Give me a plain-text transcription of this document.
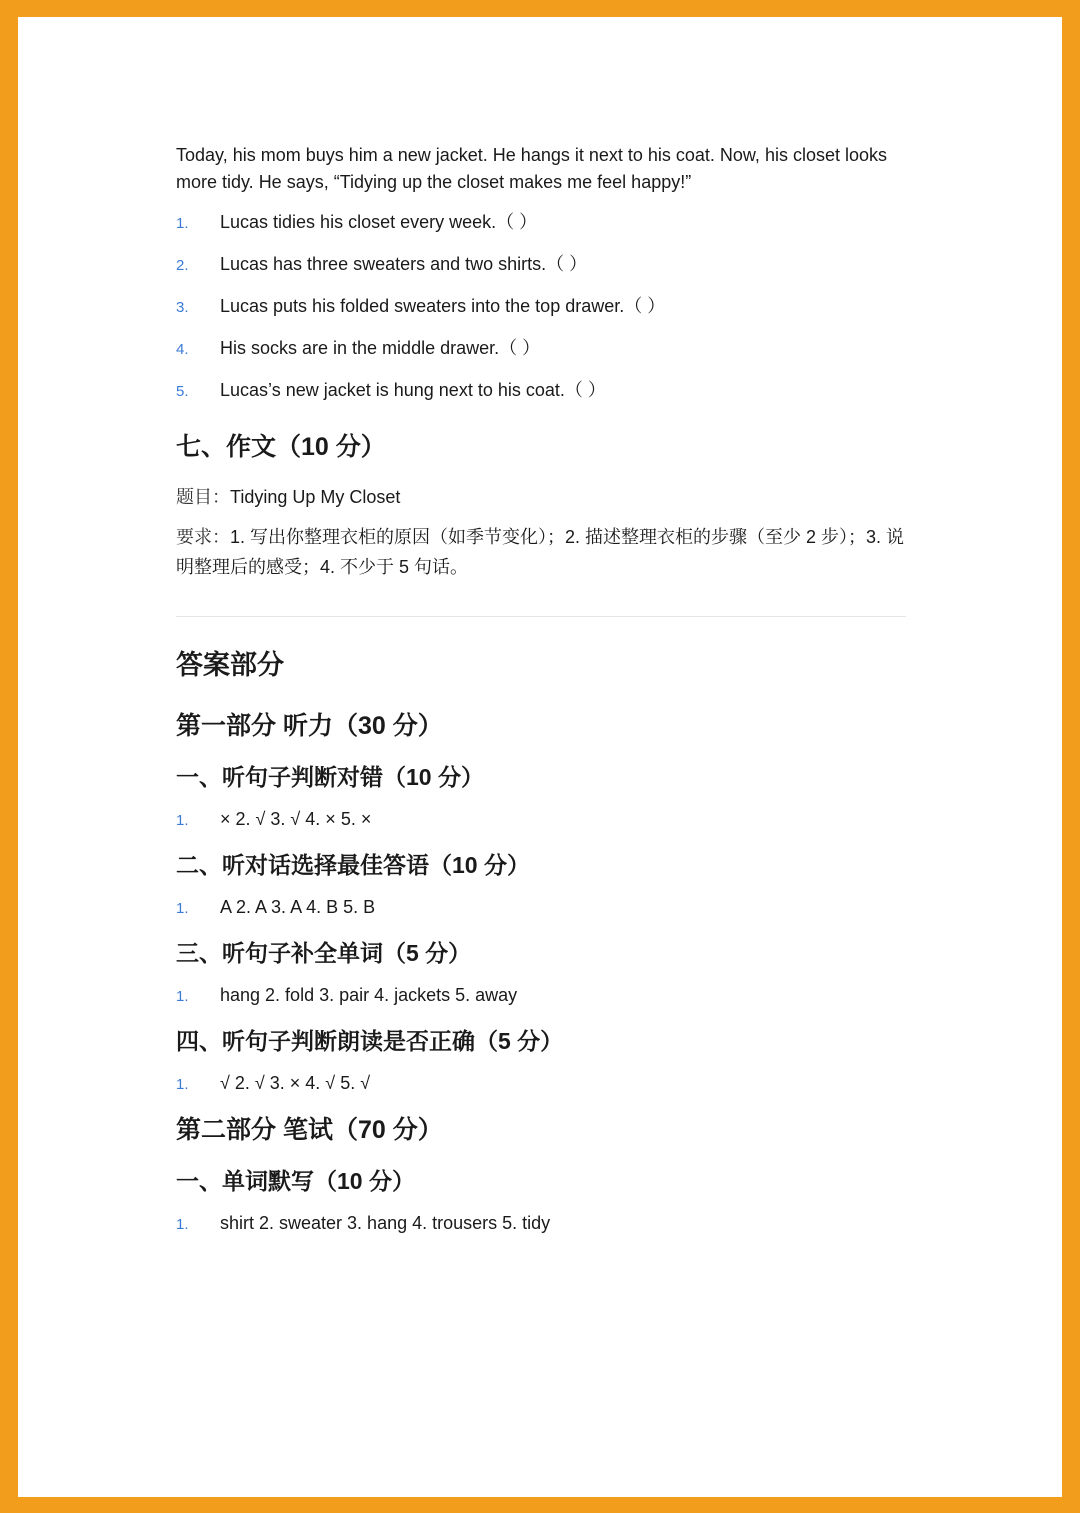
Today, his mom buys him a new jacket. He hangs it next to his coat. Now, his closet looks more tidy. He says, “Tidying up the closet makes me feel happy!”

1. Lucas tidies his closet every week.（ ）
2. Lucas has three sweaters and two shirts.（ ）
3. Lucas puts his folded sweaters into the top drawer.（ ）
4. His socks are in the middle drawer.（ ）
5. Lucas’s new jacket is hung next to his coat.（ ）
七、作文（10 分）

题目：Tidying Up My Closet

要求：1. 写出你整理衣柜的原因（如季节变化）；2. 描述整理衣柜的步骤（至少 2 步）；3. 说明整理后的感受；4. 不少于 5 句话。

答案部分
第一部分 听力（30 分）
一、听句子判断对错（10 分）
1. × 2. √ 3. √ 4. × 5. ×
二、听对话选择最佳答语（10 分）
1. A 2. A 3. A 4. B 5. B
三、听句子补全单词（5 分）
1. hang 2. fold 3. pair 4. jackets 5. away
四、听句子判断朗读是否正确（5 分）
1. √ 2. √ 3. × 4. √ 5. √
第二部分 笔试（70 分）
一、单词默写（10 分）
1. shirt 2. sweater 3. hang 4. trousers 5. tidy
